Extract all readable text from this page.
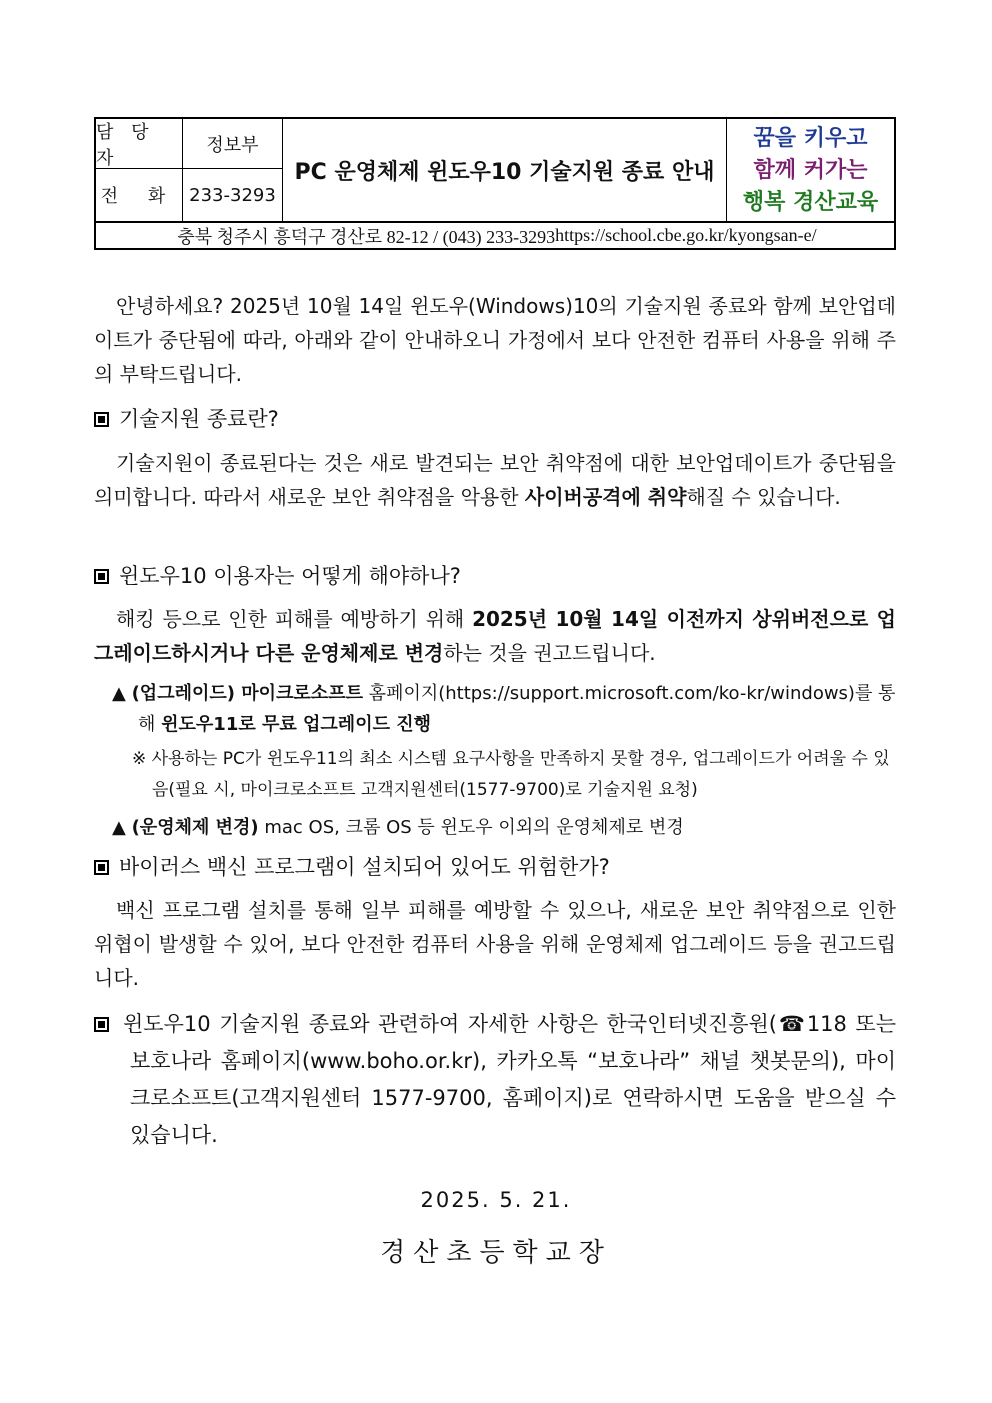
담 당 자
정보부
전 화 233-3293
PC 운영체제 윈도우10 기술지원 종료 안내
꿈을 키우고
함께 커가는
행복 경산교육
충북 청주시 흥덕구 경산로 82-12 / (043) 233-3293 https://school.cbe.go.kr/kyongsan-e/
안녕하세요? 2025년 10월 14일 윈도우(Windows)10의 기술지원 종료와 함께 보안업데이트가 중단됨에 따라, 아래와 같이 안내하오니 가정에서 보다 안전한 컴퓨터 사용을 위해 주의 부탁드립니다.
기술지원 종료란?
기술지원이 종료된다는 것은 새로 발견되는 보안 취약점에 대한 보안업데이트가 중단됨을 의미합니다. 따라서 새로운 보안 취약점을 악용한 사이버공격에 취약해질 수 있습니다.
윈도우10 이용자는 어떻게 해야하나?
해킹 등으로 인한 피해를 예방하기 위해 2025년 10월 14일 이전까지 상위버전으로 업그레이드하시거나 다른 운영체제로 변경하는 것을 권고드립니다.
▲ (업그레이드) 마이크로소프트 홈페이지(https://support.microsoft.com/ko-kr/windows)를 통해 윈도우11로 무료 업그레이드 진행
※ 사용하는 PC가 윈도우11의 최소 시스템 요구사항을 만족하지 못할 경우, 업그레이드가 어려울 수 있음(필요 시, 마이크로소프트 고객지원센터(1577-9700)로 기술지원 요청)
▲ (운영체제 변경) mac OS, 크롬 OS 등 윈도우 이외의 운영체제로 변경
바이러스 백신 프로그램이 설치되어 있어도 위험한가?
백신 프로그램 설치를 통해 일부 피해를 예방할 수 있으나, 새로운 보안 취약점으로 인한 위협이 발생할 수 있어, 보다 안전한 컴퓨터 사용을 위해 운영체제 업그레이드 등을 권고드립니다.
윈도우10 기술지원 종료와 관련하여 자세한 사항은 한국인터넷진흥원(☎118 또는 보호나라 홈페이지(www.boho.or.kr), 카카오톡 “보호나라” 채널 챗봇문의), 마이크로소프트(고객지원센터 1577-9700, 홈페이지)로 연락하시면 도움을 받으실 수 있습니다.
2025. 5. 21.
경산초등학교장
